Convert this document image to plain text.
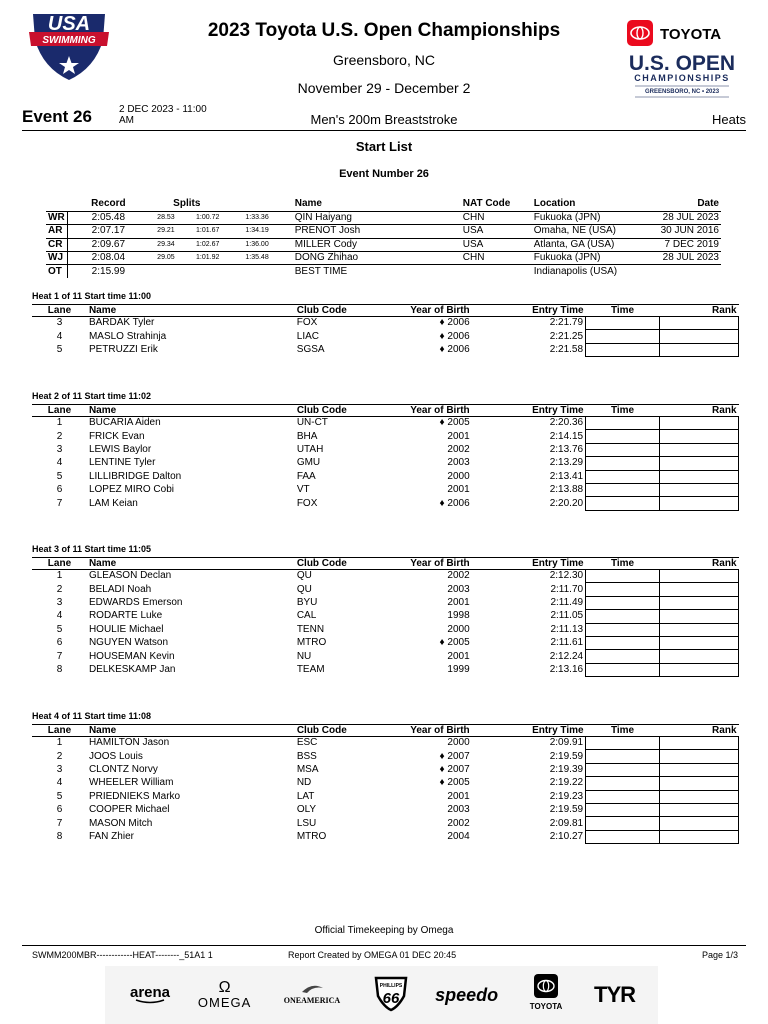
USA
SWIMMING	2023 Toyota U.S. Open Championships
Greensboro, NC
November 29 - December 2
TOYOTA
U.S. OPEN
CHAMPIONSHIPS
GREENSBORO, NC • 2023
Event 26	2 DEC 2023 - 11:00
AM	Men's 200m Breaststroke	Heats
Start List
Event Number 26
	Record	Splits			Name	NAT Code	Location	Date
WR	2:05.48	28.53	1:00.72	1:33.36	QIN Haiyang	CHN	Fukuoka (JPN)	28 JUL 2023
AR	2:07.17	29.21	1:01.67	1:34.19	PRENOT Josh	USA	Omaha, NE (USA)	30 JUN 2016
CR	2:09.67	29.34	1:02.67	1:36.00	MILLER Cody	USA	Atlanta, GA (USA)	7 DEC 2019
WJ	2:08.04	29.05	1:01.92	1:35.48	DONG Zhihao	CHN	Fukuoka (JPN)	28 JUL 2023
OT	2:15.99				BEST TIME		Indianapolis (USA)	
Heat 1 of 11 Start time 11:00
Lane	Name	Club Code	Year of Birth	Entry Time	Time	Rank
3	BARDAK Tyler	FOX	♦ 2006	2:21.79		
4	MASLO Strahinja	LIAC	♦ 2006	2:21.25		
5	PETRUZZI Erik	SGSA	♦ 2006	2:21.58		
Heat 2 of 11 Start time 11:02
Lane	Name	Club Code	Year of Birth	Entry Time	Time	Rank
1	BUCARIA Aiden	UN-CT	♦ 2005	2:20.36		
2	FRICK Evan	BHA	2001	2:14.15		
3	LEWIS Baylor	UTAH	2002	2:13.76		
4	LENTINE Tyler	GMU	2003	2:13.29		
5	LILLIBRIDGE Dalton	FAA	2000	2:13.41		
6	LOPEZ MIRO Cobi	VT	2001	2:13.88		
7	LAM Keian	FOX	♦ 2006	2:20.20		
Heat 3 of 11 Start time 11:05
Lane	Name	Club Code	Year of Birth	Entry Time	Time	Rank
1	GLEASON Declan	QU	2002	2:12.30		
2	BELADI Noah	QU	2003	2:11.70		
3	EDWARDS Emerson	BYU	2001	2:11.49		
4	RODARTE Luke	CAL	1998	2:11.05		
5	HOULIE Michael	TENN	2000	2:11.13		
6	NGUYEN Watson	MTRO	♦ 2005	2:11.61		
7	HOUSEMAN Kevin	NU	2001	2:12.24		
8	DELKESKAMP Jan	TEAM	1999	2:13.16		
Heat 4 of 11 Start time 11:08
Lane	Name	Club Code	Year of Birth	Entry Time	Time	Rank
1	HAMILTON Jason	ESC	2000	2:09.91		
2	JOOS Louis	BSS	♦ 2007	2:19.59		
3	CLONTZ Norvy	MSA	♦ 2007	2:19.39		
4	WHEELER William	ND	♦ 2005	2:19.22		
5	PRIEDNIEKS Marko	LAT	2001	2:19.23		
6	COOPER Michael	OLY	2003	2:19.59		
7	MASON Mitch	LSU	2002	2:09.81		
8	FAN Zhier	MTRO	2004	2:10.27		
Official Timekeeping by Omega
SWMM200MBR------------HEAT--------_51A1 1	Report Created by OMEGA 01 DEC 20:45	Page 1/3
arena	Ω
OMEGA	ONEAMERICA
PHILLIPS
66 speedo
TOYOTA TYR
